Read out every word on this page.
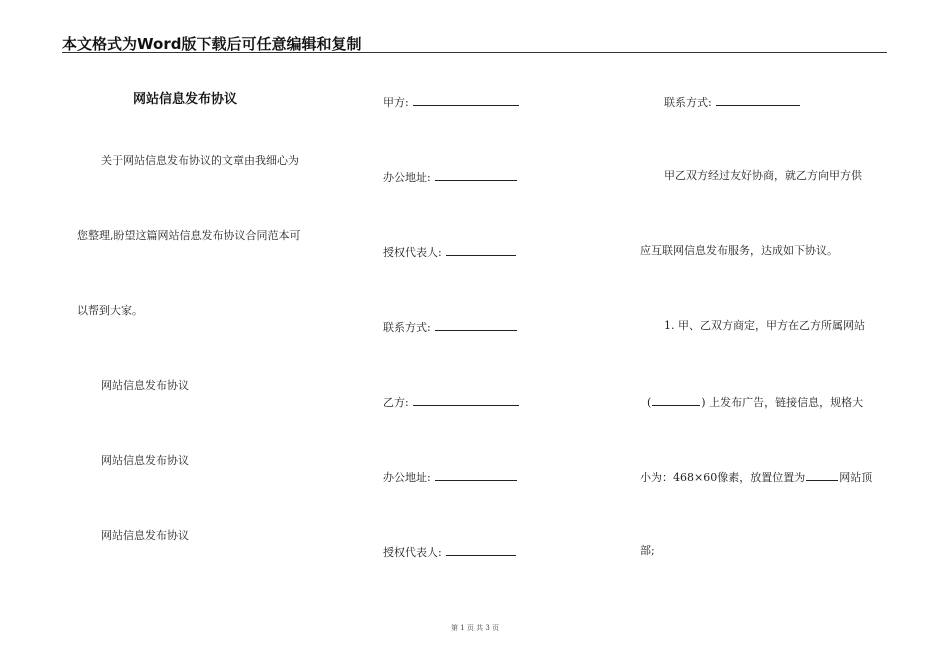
本文格式为Word版下载后可任意编辑和复制
网站信息发布协议
关于网站信息发布协议的文章由我细心为
您整理,盼望这篇网站信息发布协议合同范本可
以帮到大家。
网站信息发布协议
网站信息发布协议
网站信息发布协议
甲方:
办公地址:
授权代表人:
联系方式:
乙方:
办公地址:
授权代表人:
联系方式:
甲乙双方经过友好协商，就乙方向甲方供
应互联网信息发布服务，达成如下协议。
1. 甲、乙双方商定，甲方在乙方所属网站
(	) 上发布广告，链接信息，规格大
小为：468×60像素，放置位置为	网站顶
部;
第 1 页 共 3 页
